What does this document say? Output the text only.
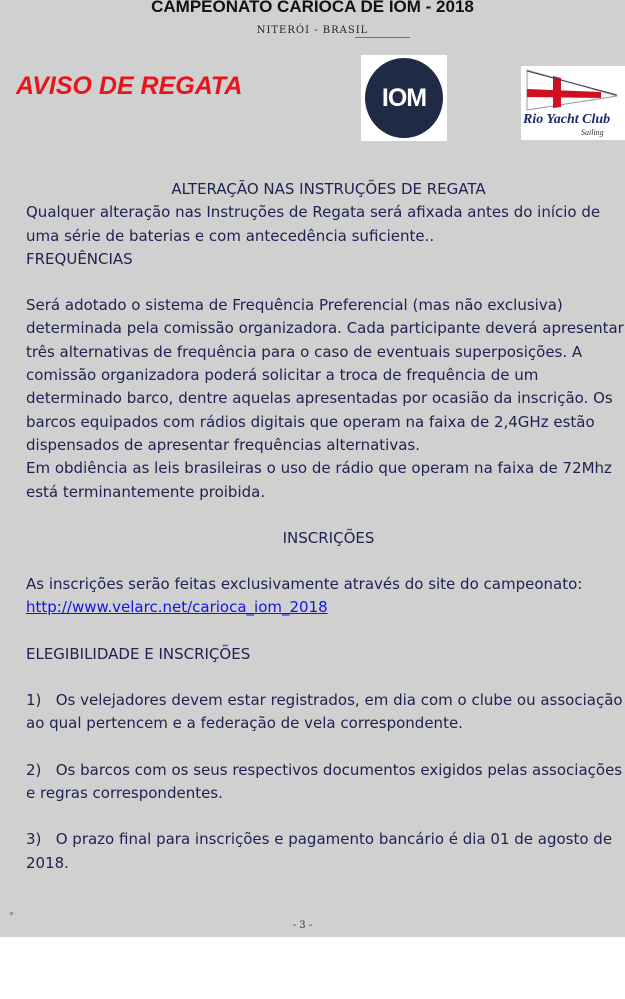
CAMPEONATO CARIOCA DE IOM - 2018
NITERÓI - BRASIL
AVISO DE REGATA	IOM
Rio Yacht Club
Sailing

ALTERAÇÃO NAS INSTRUÇÕES DE REGATA

Qualquer alteração nas Instruções de Regata será afixada antes do início de uma série de baterias e com antecedência suficiente..

FREQUÊNCIAS

Será adotado o sistema de Frequência Preferencial (mas não exclusiva) determinada pela comissão organizadora. Cada participante deverá apresentar três alternativas de frequência para o caso de eventuais superposições. A comissão organizadora poderá solicitar a troca de frequência de um determinado barco, dentre aquelas apresentadas por ocasião da inscrição. Os barcos equipados com rádios digitais que operam na faixa de 2,4GHz estão dispensados de apresentar frequências alternativas.

Em obdiência as leis brasileiras o uso de rádio que operam na faixa de 72Mhz está terminantemente proibida.

INSCRIÇÕES

As inscrições serão feitas exclusivamente através do site do campeonato: http://www.velarc.net/carioca_iom_2018

ELEGIBILIDADE E INSCRIÇÕES

1) Os velejadores devem estar registrados, em dia com o clube ou associação ao qual pertencem e a federação de vela correspondente.

2) Os barcos com os seus respectivos documentos exigidos pelas associações e regras correspondentes.

3) O prazo final para inscrições e pagamento bancário é dia 01 de agosto de 2018.

- 3 -
